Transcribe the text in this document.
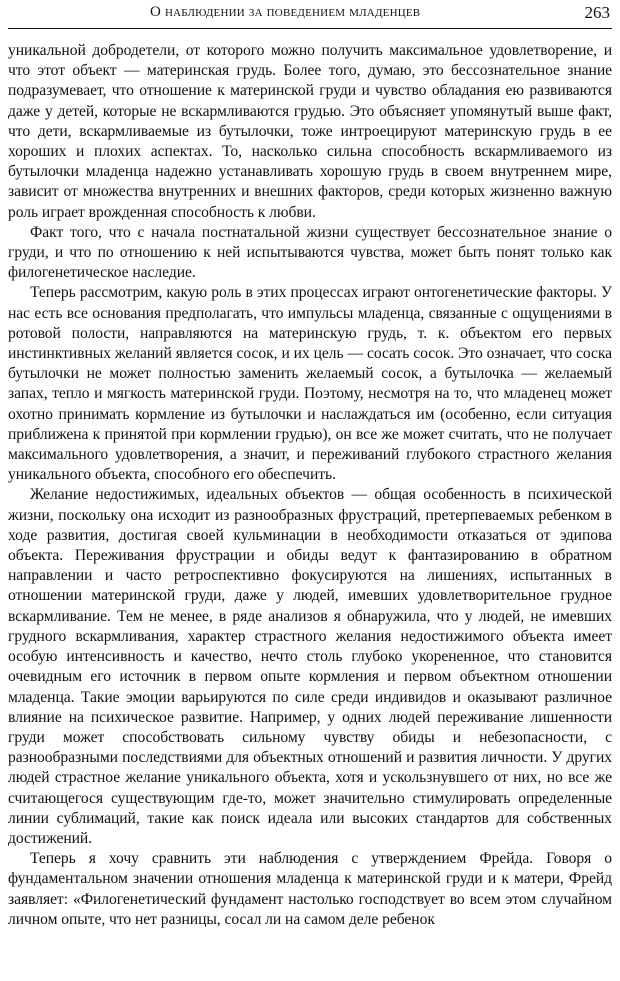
О наблюдении за поведением младенцев	263

уникальной добродетели, от которого можно получить максимальное удовлетворение, и что этот объект — материнская грудь. Более того, думаю, это бессознательное знание подразумевает, что отношение к материнской груди и чувство обладания ею развиваются даже у детей, которые не вскармливаются грудью. Это объясняет упомянутый выше факт, что дети, вскармливаемые из бутылочки, тоже интроецируют материнскую грудь в ее хороших и плохих аспектах. То, насколько сильна способность вскармливаемого из бутылочки младенца надежно устанавливать хорошую грудь в своем внутреннем мире, зависит от множества внутренних и внешних факторов, среди которых жизненно важную роль играет врожденная способность к любви.

Факт того, что с начала постнатальной жизни существует бессознательное знание о груди, и что по отношению к ней испытываются чувства, может быть понят только как филогенетическое наследие.

Теперь рассмотрим, какую роль в этих процессах играют онтогенетические факторы. У нас есть все основания предполагать, что импульсы младенца, связанные с ощущениями в ротовой полости, направляются на материнскую грудь, т. к. объектом его первых инстинктивных желаний является сосок, и их цель — сосать сосок. Это означает, что соска бутылочки не может полностью заменить желаемый сосок, а бутылочка — желаемый запах, тепло и мягкость материнской груди. Поэтому, несмотря на то, что младенец может охотно принимать кормление из бутылочки и наслаждаться им (особенно, если ситуация приближена к принятой при кормлении грудью), он все же может считать, что не получает максимального удовлетворения, а значит, и переживаний глубокого страстного желания уникального объекта, способного его обеспечить.

Желание недостижимых, идеальных объектов — общая особенность в психической жизни, поскольку она исходит из разнообразных фрустраций, претерпеваемых ребенком в ходе развития, достигая своей кульминации в необходимости отказаться от эдипова объекта. Переживания фрустрации и обиды ведут к фантазированию в обратном направлении и часто ретроспективно фокусируются на лишениях, испытанных в отношении материнской груди, даже у людей, имевших удовлетворительное грудное вскармливание. Тем не менее, в ряде анализов я обнаружила, что у людей, не имевших грудного вскармливания, характер страстного желания недостижимого объекта имеет особую интенсивность и качество, нечто столь глубоко укорененное, что становится очевидным его источник в первом опыте кормления и первом объектном отношении младенца. Такие эмоции варьируются по силе среди индивидов и оказывают различное влияние на психическое развитие. Например, у одних людей переживание лишенности груди может способствовать сильному чувству обиды и небезопасности, с разнообразными последствиями для объектных отношений и развития личности. У других людей страстное желание уникального объекта, хотя и ускользнувшего от них, но все же считающегося существующим где-то, может значительно стимулировать определенные линии сублимаций, такие как поиск идеала или высоких стандартов для собственных достижений.

Теперь я хочу сравнить эти наблюдения с утверждением Фрейда. Говоря о фундаментальном значении отношения младенца к материнской груди и к матери, Фрейд заявляет: «Филогенетический фундамент настолько господствует во всем этом случайном личном опыте, что нет разницы, сосал ли на самом деле ребенок
